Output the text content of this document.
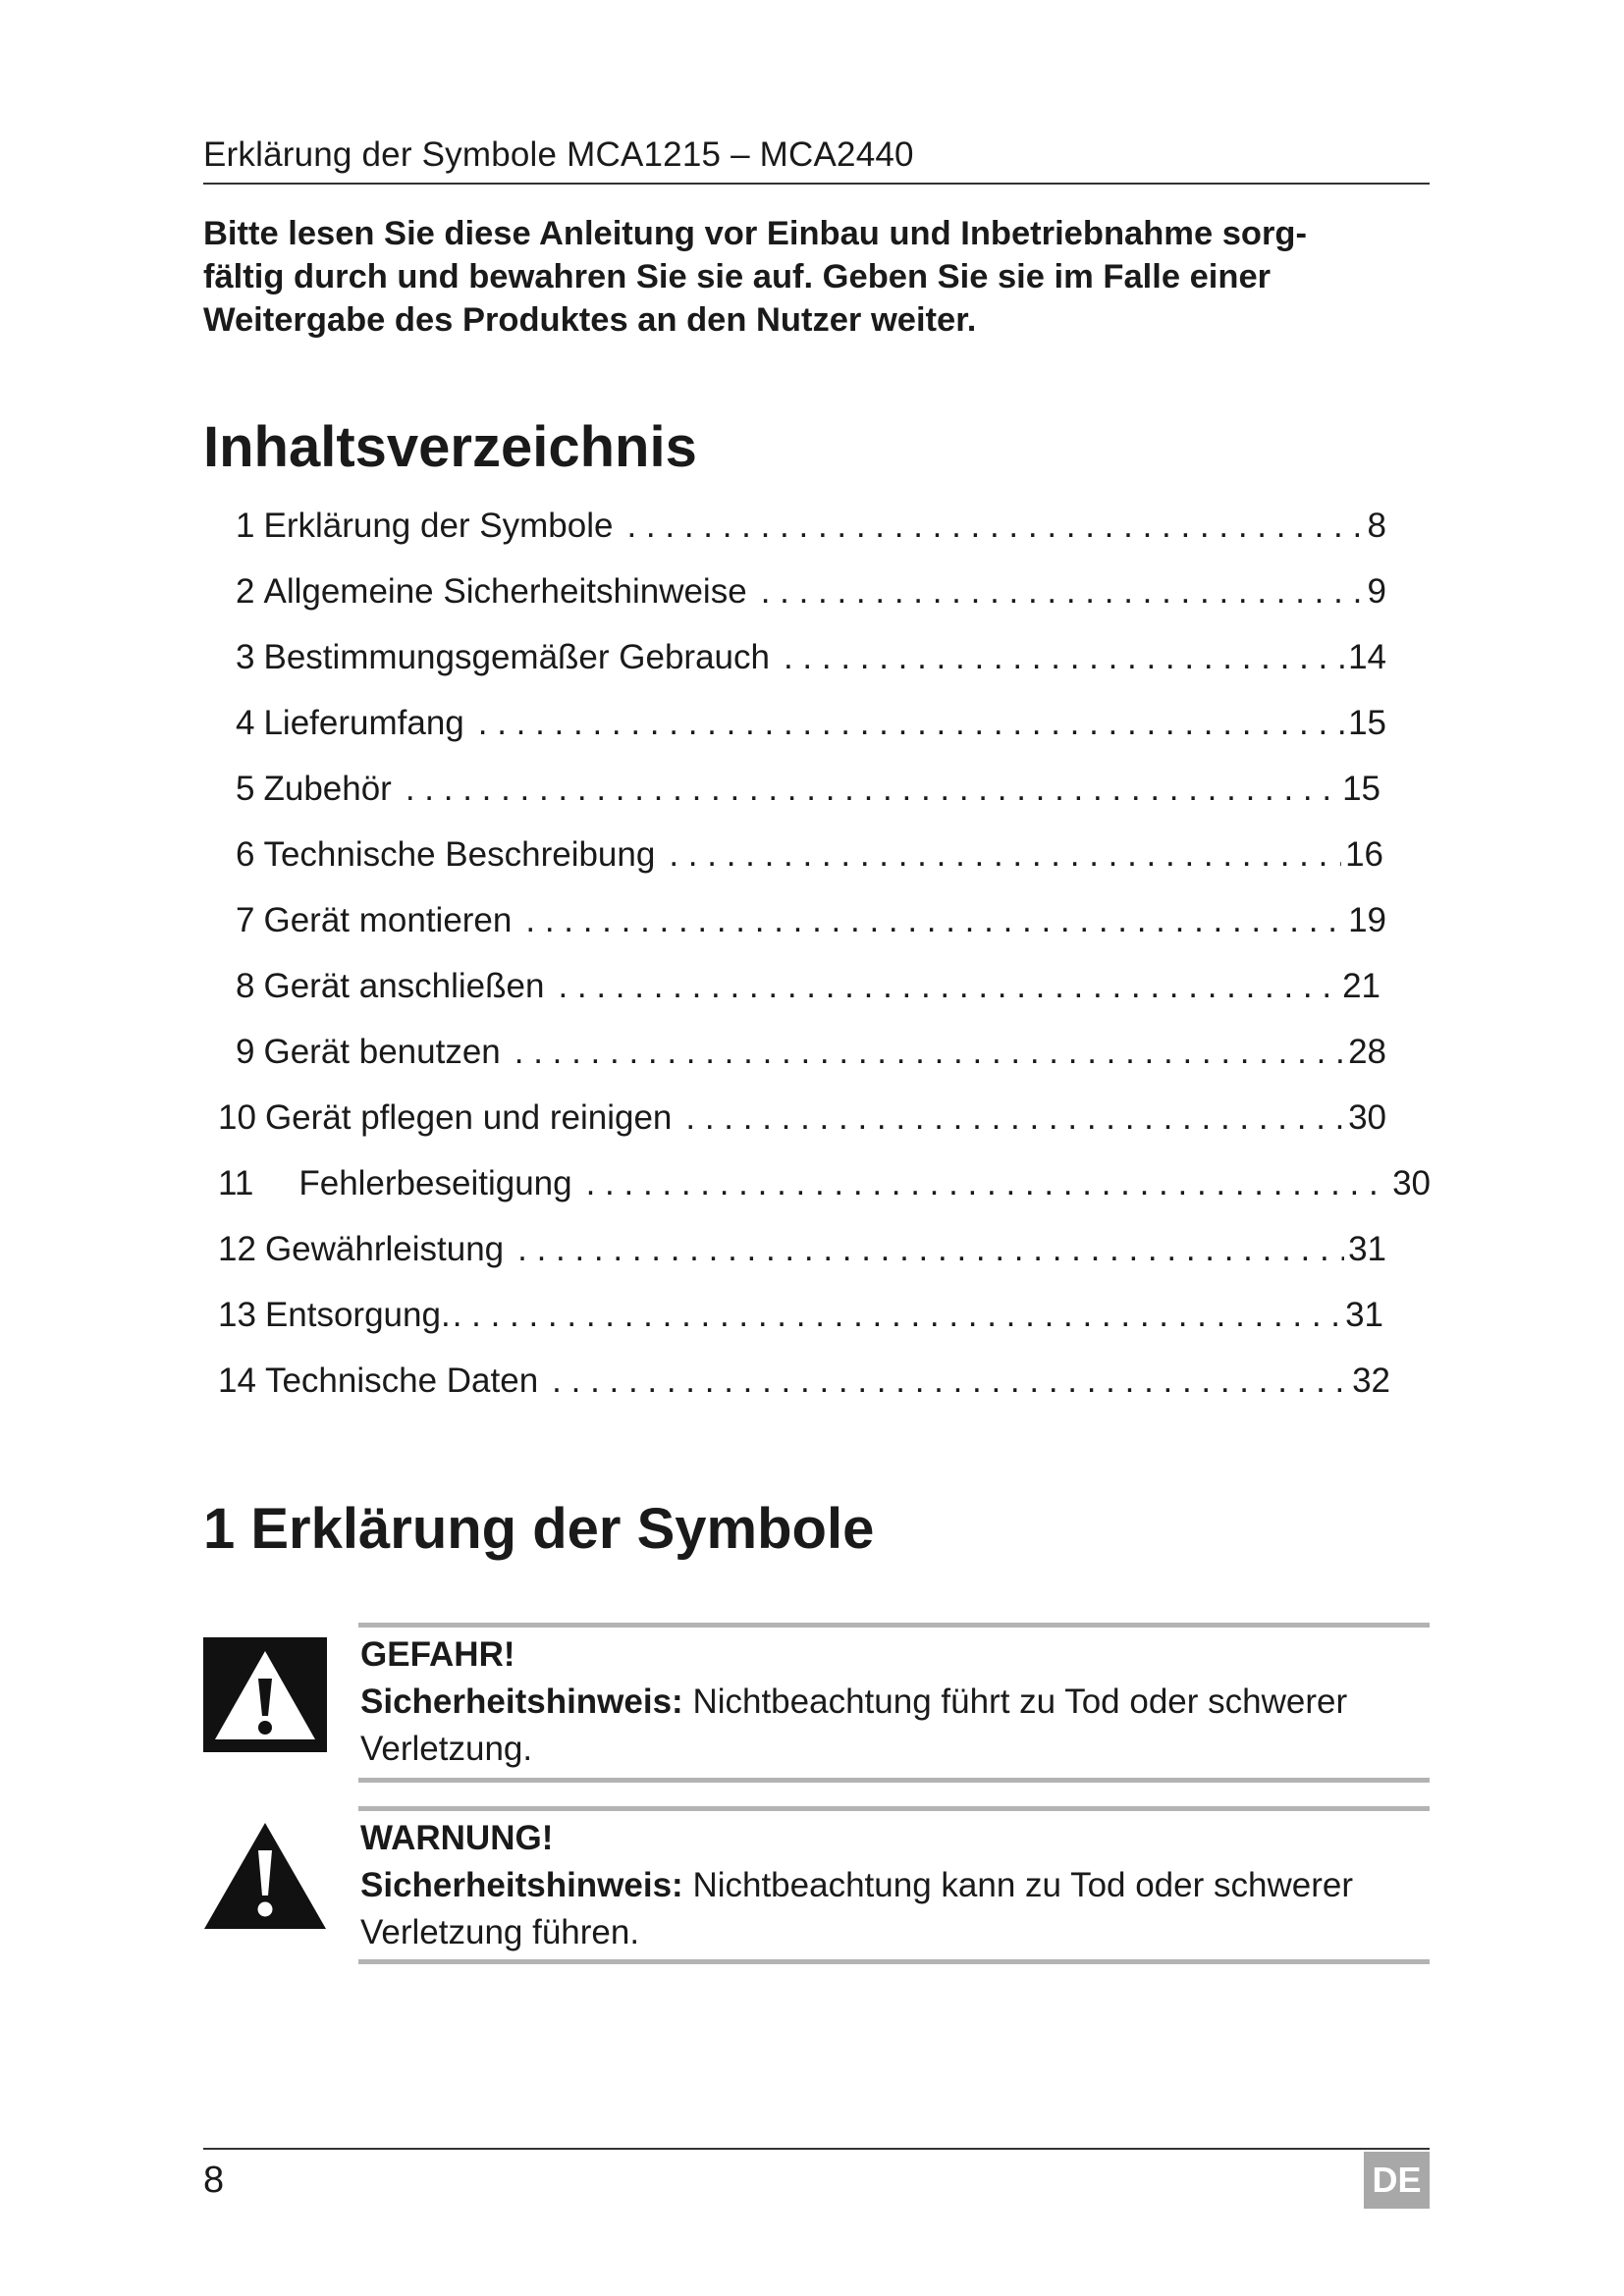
Erklärung der Symbole MCA1215 – MCA2440
Bitte lesen Sie diese Anleitung vor Einbau und Inbetriebnahme sorg-
fältig durch und bewahren Sie sie auf. Geben Sie sie im Falle einer
Weitergabe des Produktes an den Nutzer weiter.
Inhaltsverzeichnis
1 Erklärung der Symbole . . .	8
2 Allgemeine Sicherheitshinweise . . .	9
3 Bestimmungsgemäßer Gebrauch . . .	14
4 Lieferumfang . . .	15
5 Zubehör . . .	15
6 Technische Beschreibung . . .	16
7 Gerät montieren . . .	19
8 Gerät anschließen . . .	21
9 Gerät benutzen . . .	28
10 Gerät pflegen und reinigen . . .	30
11 Fehlerbeseitigung . . .	30
12 Gewährleistung . . .	31
13 Entsorgung. . . .	31
14 Technische Daten . . .	32
1 Erklärung der Symbole
GEFAHR!
Sicherheitshinweis: Nichtbeachtung führt zu Tod oder schwerer
Verletzung.
WARNUNG!
Sicherheitshinweis: Nichtbeachtung kann zu Tod oder schwerer
Verletzung führen.
8	DE
